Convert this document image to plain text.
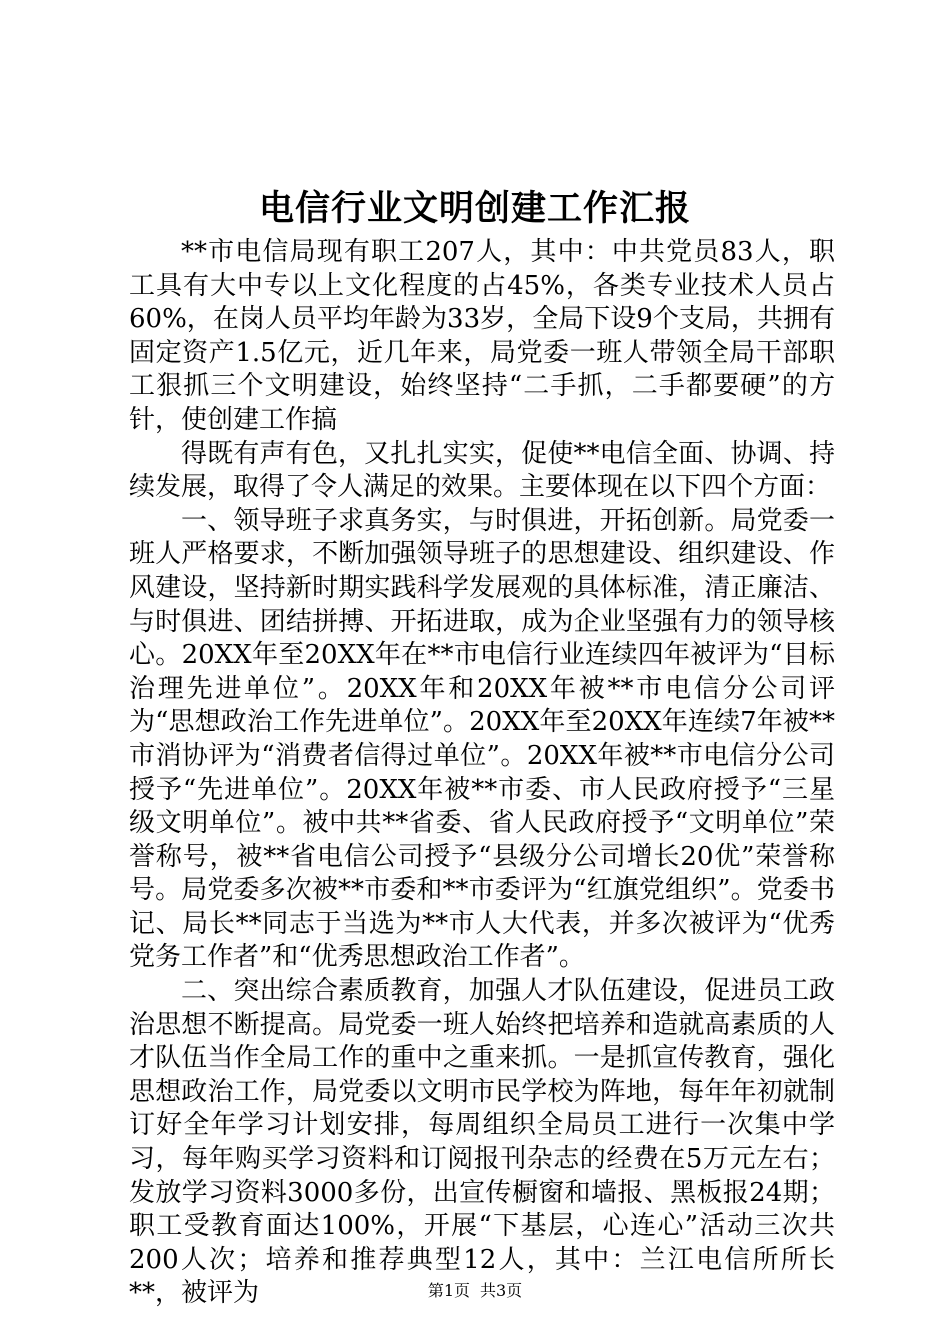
电信行业文明创建工作汇报

**市电信局现有职工207人，其中：中共党员83人，职工具有大中专以上文化程度的占45%，各类专业技术人员占60%，在岗人员平均年龄为33岁，全局下设9个支局，共拥有固定资产1.5亿元，近几年来，局党委一班人带领全局干部职工狠抓三个文明建设，始终坚持“二手抓，二手都要硬”的方针，使创建工作搞

得既有声有色，又扎扎实实，促使**电信全面、协调、持续发展，取得了令人满足的效果。主要体现在以下四个方面：

一、领导班子求真务实，与时俱进，开拓创新。局党委一班人严格要求，不断加强领导班子的思想建设、组织建设、作风建设，坚持新时期实践科学发展观的具体标准，清正廉洁、与时俱进、团结拼搏、开拓进取，成为企业坚强有力的领导核心。20XX年至20XX年在**市电信行业连续四年被评为“目标治理先进单位”。20XX年和20XX年被**市电信分公司评为“思想政治工作先进单位”。20XX年至20XX年连续7年被**市消协评为“消费者信得过单位”。20XX年被**市电信分公司授予“先进单位”。20XX年被**市委、市人民政府授予“三星级文明单位”。被中共**省委、省人民政府授予“文明单位”荣誉称号，被**省电信公司授予“县级分公司增长20优”荣誉称号。局党委多次被**市委和**市委评为“红旗党组织”。党委书记、局长**同志于当选为**市人大代表，并多次被评为“优秀党务工作者”和“优秀思想政治工作者”。

二、突出综合素质教育，加强人才队伍建设，促进员工政治思想不断提高。局党委一班人始终把培养和造就高素质的人才队伍当作全局工作的重中之重来抓。一是抓宣传教育，强化思想政治工作，局党委以文明市民学校为阵地，每年年初就制订好全年学习计划安排，每周组织全局员工进行一次集中学习，每年购买学习资料和订阅报刊杂志的经费在5万元左右；发放学习资料3000多份，出宣传橱窗和墙报、黑板报24期；职工受教育面达100%，开展“下基层，心连心”活动三次共200人次；培养和推荐典型12人，其中：兰江电信所所长**，被评为	第1页 共3页
